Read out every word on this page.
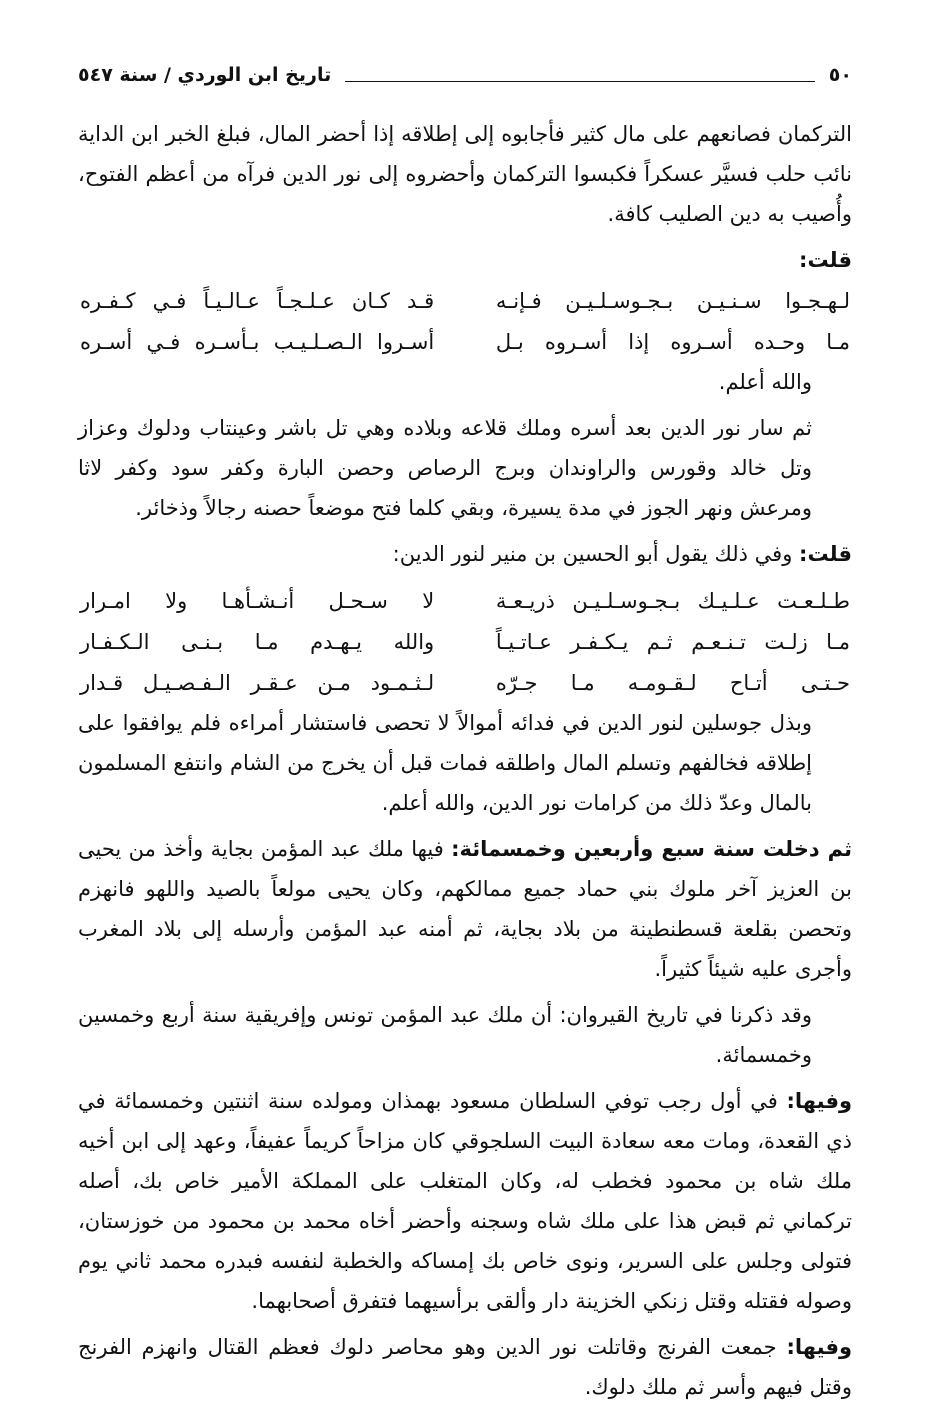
٥٠
تاريخ ابن الوردي / سنة ٥٤٧

التركمان فصانعهم على مال كثير فأجابوه إلى إطلاقه إذا أحضر المال، فبلغ الخبر ابن الداية نائب حلب فسيَّر عسكراً فكبسوا التركمان وأحضروه إلى نور الدين فرآه من أعظم الفتوح، وأُصيب به دين الصليب كافة.

قلت:

لـهـجـوا سـنـيـن بـجـوسـلـيـن فـإنـه
قـد كـان عـلـجـاً عـالـيـاً فـي كـفـره
مـا وحـده أسـروه إذا أسـروه بـل
أسـروا الـصـلـيـب بـأسـره فـي أسـره

والله أعلم.

ثم سار نور الدين بعد أسره وملك قلاعه وبلاده وهي تل باشر وعينتاب ودلوك وعزاز وتل خالد وقورس والراوندان وبرج الرصاص وحصن البارة وكفر سود وكفر لاثا ومرعش ونهر الجوز في مدة يسيرة، وبقي كلما فتح موضعاً حصنه رجالاً وذخائر.

قلت: وفي ذلك يقول أبو الحسين بن منير لنور الدين:

طـلـعـت عـلـيـك بـجـوسـلـيـن ذريـعـة
لا سـحـل أنـشـأهـا ولا امـرار
مـا زلـت تـنـعـم ثـم يـكـفـر عـاتـيـاً
والله يـهـدم مـا بـنـى الـكـفـار
حـتـى أتـاح لـقـومـه مـا جـرّه
لـثـمـود مـن عـقـر الـفـصـيـل قـدار

وبذل جوسلين لنور الدين في فدائه أموالاً لا تحصى فاستشار أمراءه فلم يوافقوا على إطلاقه فخالفهم وتسلم المال واطلقه فمات قبل أن يخرج من الشام وانتفع المسلمون بالمال وعدّ ذلك من كرامات نور الدين، والله أعلم.

ثم دخلت سنة سبع وأربعين وخمسمائة: فيها ملك عبد المؤمن بجاية وأخذ من يحيى بن العزيز آخر ملوك بني حماد جميع ممالكهم، وكان يحيى مولعاً بالصيد واللهو فانهزم وتحصن بقلعة قسطنطينة من بلاد بجاية، ثم أمنه عبد المؤمن وأرسله إلى بلاد المغرب وأجرى عليه شيئاً كثيراً.

وقد ذكرنا في تاريخ القيروان: أن ملك عبد المؤمن تونس وإفريقية سنة أربع وخمسين وخمسمائة.

وفيها: في أول رجب توفي السلطان مسعود بهمذان ومولده سنة اثنتين وخمسمائة في ذي القعدة، ومات معه سعادة البيت السلجوقي كان مزاحاً كريماً عفيفاً، وعهد إلى ابن أخيه ملك شاه بن محمود فخطب له، وكان المتغلب على المملكة الأمير خاص بك، أصله تركماني ثم قبض هذا على ملك شاه وسجنه وأحضر أخاه محمد بن محمود من خوزستان، فتولى وجلس على السرير، ونوى خاص بك إمساكه والخطبة لنفسه فبدره محمد ثاني يوم وصوله فقتله وقتل زنكي الخزينة دار وألقى برأسيهما فتفرق أصحابهما.

وفيها: جمعت الفرنج وقاتلت نور الدين وهو محاصر دلوك فعظم القتال وانهزم الفرنج وقتل فيهم وأسر ثم ملك دلوك.
